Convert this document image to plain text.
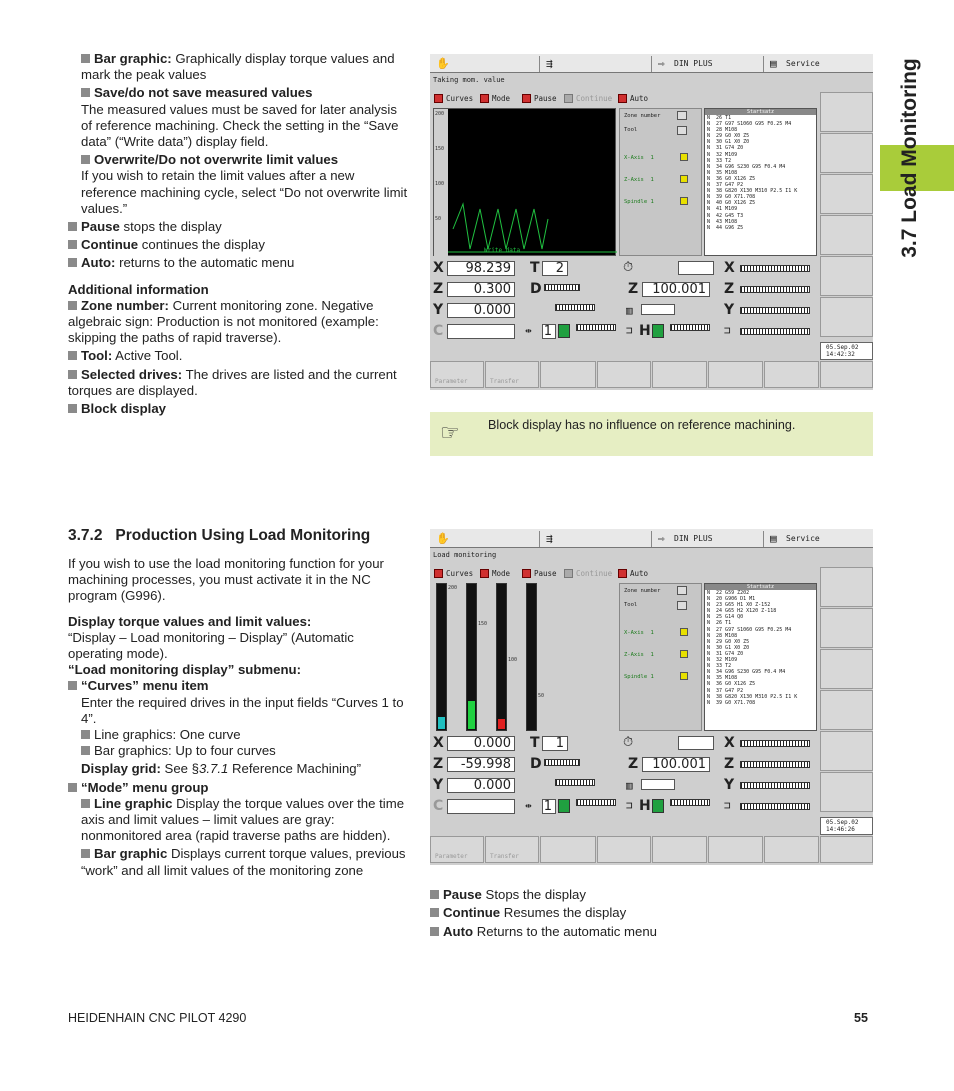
3.7 Load Monitoring

Bar graphic: Graphically display torque values and mark the peak values

Save/do not save measured values
The measured values must be saved for later analysis of reference machining. Check the setting in the “Save data” (“Write data”) display field.

Overwrite/Do not overwrite limit values
If you wish to retain the limit values after a new reference machining cycle, select “Do not overwrite limit values.”

Pause stops the display

Continue continues the display

Auto: returns to the automatic menu

Additional information

Zone number: Current monitoring zone. Negative algebraic sign: Production is not monitored (example: skipping the paths of rapid traverse).

Tool: Active Tool.

Selected drives: The drives are listed and the current torques are displayed.

Block display

☞ Block display has no influence on reference machining.
3.7.2 Production Using Load Monitoring

If you wish to use the load monitoring function for your machining processes, you must activate it in the NC program (G996).

Display torque values and limit values:

“Display – Load monitoring – Display” (Automatic operating mode).

“Load monitoring display” submenu:

“Curves” menu item

Enter the required drives in the input fields “Curves 1 to 4”.

Line graphics: One curve

Bar graphics: Up to four curves

Display grid: See §3.7.1 Reference Machining”

“Mode” menu group

Line graphic Display the torque values over the time axis and limit values – limit values are gray: nonmonitored area (rapid traverse paths are hidden).

Bar graphic Displays current torque values, previous “work” and all limit values of the monitoring zone

Pause Stops the display

Continue Resumes the display

Auto Returns to the automatic menu

HEIDENHAIN CNC PILOT 4290	55
✋	⇶	⇨ DIN PLUS	▤ Service
Taking mom. value
Curves	Mode	Pause	Continue	Auto
200
150
100
50
Write data
Zone number
Tool
X-Axis  1
Z-Axis  1
Spindle 1
Startsatz
N  26 T1
N  27 G97 S1060 G95 F0.25 M4
N  28 M108
N  29 G0 X0 Z5
N  30 G1 X0 Z0
N  31 G74 Z0
N  32 M109
N  33 T2
N  34 G96 S230 G95 F0.4 M4
N  35 M108
N  36 G0 X126 Z5
N  37 G47 P2
N  38 G820 X130 M310 P2.5 I1 K
N  39 G0 X71.708
N  40 G0 X126 Z5
N  41 M109
N  42 G45 T3
N  43 M108
N  44 G96 Z5
X	98.239
Z	0.300
Y	0.000
C
T	2
D
⇹ 1
⏱
Z	100.001
▥
⊐ H
X
Z
Y
⊐
05.Sep.02
14:42:32
Parameter	Transfer
✋	⇶	⇨ DIN PLUS	▤ Service
Load monitoring
Curves	Mode	Pause	Continue	Auto
200
150
100
50
Zone number
Tool
X-Axis  1
Z-Axis  1
Spindle 1
Startsatz
N  22 G59 Z202
N  20 G906 D1 M1
N  23 G65 H1 X0 Z-152
N  24 G65 H2 X120 Z-118
N  25 G14 Q0
N  26 T1
N  27 G97 S1060 G95 F0.25 M4
N  28 M108
N  29 G0 X0 Z5
N  30 G1 X0 Z0
N  31 G74 Z0
N  32 M109
N  33 T2
N  34 G96 S230 G95 F0.4 M4
N  35 M108
N  36 G0 X126 Z5
N  37 G47 P2
N  38 G820 X130 M310 P2.5 I1 K
N  39 G0 X71.708
X	0.000
Z	-59.998
Y	0.000
C
T	1
D
⇹ 1
⏱
Z	100.001
▥
⊐ H
X
Z
Y
⊐
05.Sep.02
14:46:26
Parameter	Transfer
